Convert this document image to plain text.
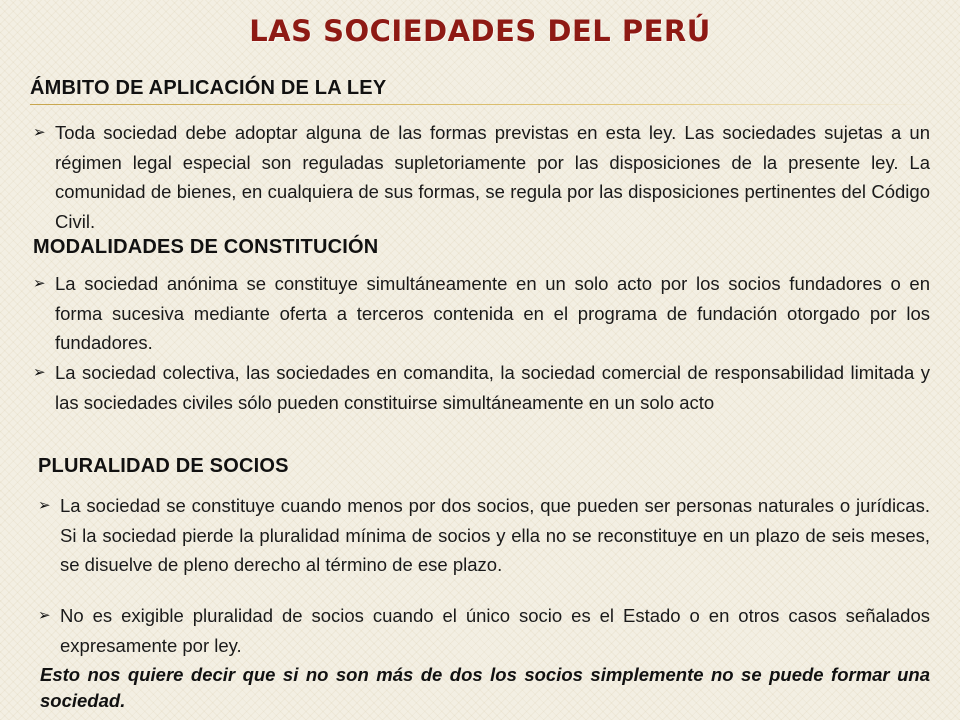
LAS SOCIEDADES DEL PERÚ
ÁMBITO DE APLICACIÓN DE LA LEY
➢ Toda sociedad debe adoptar alguna de las formas previstas en esta ley. Las sociedades sujetas a un régimen legal especial son reguladas supletoriamente por las disposiciones de la presente ley. La comunidad de bienes, en cualquiera de sus formas, se regula por las disposiciones pertinentes del Código Civil.

MODALIDADES DE CONSTITUCIÓN
➢ La sociedad anónima se constituye simultáneamente en un solo acto por los socios fundadores o en forma sucesiva mediante oferta a terceros contenida en el programa de fundación otorgado por los fundadores.

➢ La sociedad colectiva, las sociedades en comandita, la sociedad comercial de responsabilidad limitada y las sociedades civiles sólo pueden constituirse simultáneamente en un solo acto

PLURALIDAD DE SOCIOS
➢ La sociedad se constituye cuando menos por dos socios, que pueden ser personas naturales o jurídicas. Si la sociedad pierde la pluralidad mínima de socios y ella no se reconstituye en un plazo de seis meses, se disuelve de pleno derecho al término de ese plazo.

➢ No es exigible pluralidad de socios cuando el único socio es el Estado o en otros casos señalados expresamente por ley.

Esto nos quiere decir que si no son más de dos los socios simplemente no se puede formar una sociedad.
